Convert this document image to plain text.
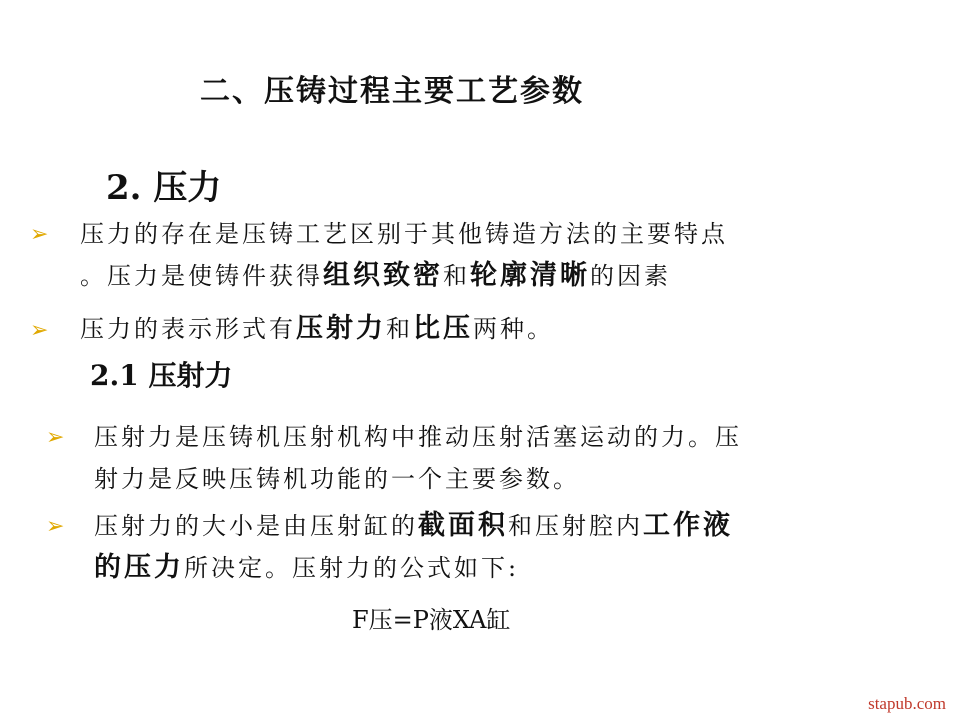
二、压铸过程主要工艺参数
2. 压力
➢ 压力的存在是压铸工艺区别于其他铸造方法的主要特点
。压力是使铸件获得组织致密和轮廓清晰的因素
➢ 压力的表示形式有压射力和比压两种。
2.1 压射力
➢ 压射力是压铸机压射机构中推动压射活塞运动的力。压
射力是反映压铸机功能的一个主要参数。
➢ 压射力的大小是由压射缸的截面积和压射腔内工作液
的压力所决定。压射力的公式如下:
F压=P液XA缸
stapub.com
